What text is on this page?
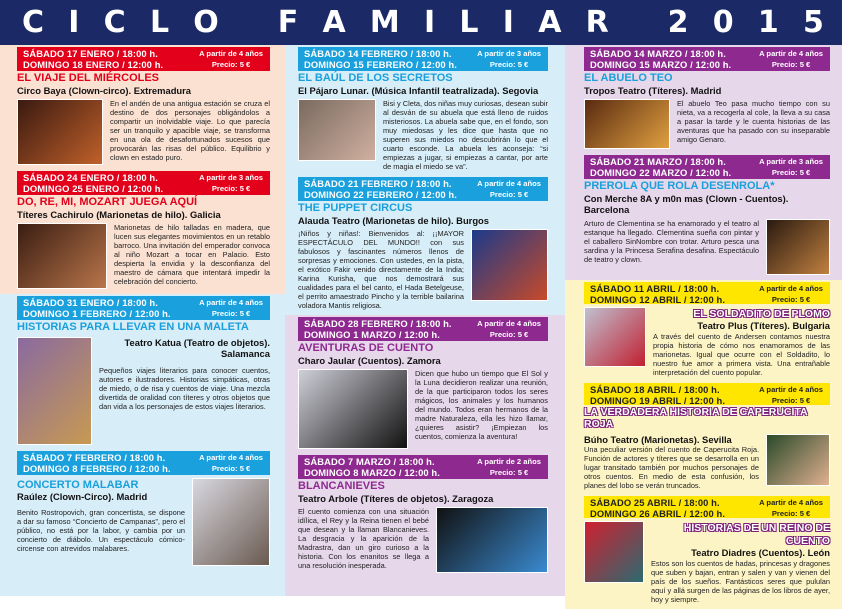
C I C L O
F A M I L I A R
2 0 1 5
SÁBADO 17 ENERO / 18:00 h.
DOMINGO 18 ENERO / 12:00 h.
A partir de 4 años
Precio: 5 €
EL VIAJE DEL MIÉRCOLES
Circo Baya (Clown-circo). Extremadura
En el andén de una antigua estación se cruza el destino de dos personajes obligándolos a compartir un inolvidable viaje. Lo que parecía ser un tranquilo y apacible viaje, se transforma en una ola de desafortunados sucesos que provocarán las risas del público. Equilibrio y clown en estado puro.
SÁBADO 24 ENERO / 18:00 h.
DOMINGO 25 ENERO / 12:00 h.
A partir de 3 años
Precio: 5 €
DO, RE, MI, MOZART JUEGA AQUÍ
Títeres Cachirulo (Marionetas de hilo). Galicia
Marionetas de hilo talladas en madera, que lucen sus elegantes movimientos en un retablo barroco. Una invitación del emperador convoca al niño Mozart a tocar en Palacio. Esto despierta la envidia y la desconfianza del maestro de cámara que intentará impedir la celebración del concierto.
SÁBADO 31 ENERO / 18:00 h.
DOMINGO 1 FEBRERO / 12:00 h.
A partir de 4 años
Precio: 5 €
HISTORIAS PARA LLEVAR EN UNA MALETA
Teatro Katua (Teatro de objetos). Salamanca
Pequeños viajes literarios para conocer cuentos, autores e ilustradores. Historias simpáticas, otras de miedo, o de risa y cuentos de viaje. Una mezcla divertida de oralidad con títeres y otros objetos que dan vida a los personajes de estos viajes literarios.
SÁBADO 7 FEBRERO / 18:00 h.
DOMINGO 8 FEBRERO / 12:00 h.
A partir de 4 años
Precio: 5 €
CONCERTO MALABAR
Raúlez (Clown-Circo). Madrid
Benito Rostropovich, gran concertista, se dispone a dar su famoso “Concierto de Campanas”, pero el público, no está por la labor, y cambia por un concierto de diábolo. Un espectáculo cómico-circense con atrevidos malabares.
SÁBADO 14 FEBRERO / 18:00 h.
DOMINGO 15 FEBRERO / 12:00 h.
A partir de 3 años
Precio: 5 €
EL BAÚL DE LOS SECRETOS
El Pájaro Lunar. (Música Infantil teatralizada). Segovia
Bisi y Cleta, dos niñas muy curiosas, desean subir al desván de su abuela que está lleno de ruidos misteriosos. La abuela sabe que, en el fondo, son muy miedosas y les dice que hasta que no superen sus miedos no descubrirán lo que el cuarto esconde. La abuela les aconseja: “si empiezas a jugar, si empiezas a cantar, por arte de magia el miedo se va”.
SÁBADO 21 FEBRERO / 18:00 h.
DOMINGO 22 FEBRERO / 12:00 h.
A partir de 4 años
Precio: 5 €
THE PUPPET CIRCUS
Alauda Teatro (Marionetas de hilo). Burgos
¡Niños y niñas!: Bienvenidos al: ¡¡MAYOR ESPECTÁCULO DEL MUNDO!! con sus fabulosos y fascinantes números llenos de sorpresas y emociones. Con ustedes, en la pista, el exótico Fakir venido directamente de la India; Karina Kurisha, que nos demostrará sus cualidades para el bel canto, el Hada Betelgeuse, el perrito amaestrado Pincho y la terrible bailarina voladora Mantis religiosa.
SÁBADO 28 FEBRERO / 18:00 h.
DOMINGO 1 MARZO / 12:00 h.
A partir de 4 años
Precio: 5 €
AVENTURAS DE CUENTO
Charo Jaular (Cuentos). Zamora
Dicen que hubo un tiempo que El Sol y la Luna decidieron realizar una reunión, de la que participaron todos los seres mágicos, los animales y los humanos del mundo. Todos eran hermanos de la madre Naturaleza, ella les hizo llamar, ¿quieres asistir? ¡Empiezan los cuentos, comienza la aventura!
SÁBADO 7 MARZO / 18:00 h.
DOMINGO 8 MARZO / 12:00 h.
A partir de 2 años
Precio: 5 €
BLANCANIEVES
Teatro Arbole (Títeres de objetos). Zaragoza
El cuento comienza con una situación idílica, el Rey y la Reina tienen el bebé que desean y la llaman Blancanieves. La desgracia y la aparición de la Madrastra, dan un giro curioso a la historia. Con los enanitos se llega a una resolución inesperada.
SÁBADO 14 MARZO / 18:00 h.
DOMINGO 15 MARZO / 12:00 h.
A partir de 4 años
Precio: 5 €
EL ABUELO TEO
Tropos Teatro (Títeres). Madrid
El abuelo Teo pasa mucho tiempo con su nieta, va a recogerla al cole, la lleva a su casa a pasar la tarde y le cuenta historias de las aventuras que ha pasado con su inseparable amigo Genaro.
SÁBADO 21 MARZO / 18:00 h.
DOMINGO 22 MARZO / 12:00 h.
A partir de 3 años
Precio: 5 €
PREROLA QUE ROLA DESENROLA*
Con Merche 8A y m0n mas (Clown - Cuentos). Barcelona
Arturo de Clementina se ha enamorado y el teatro al estanque ha llegado. Clementina sueña con pintar y el caballero SinNombre con trotar. Arturo pesca una sardina y la Princesa Serafina desafina. Espectáculo de teatro y clown.
SÁBADO 11 ABRIL / 18:00 h.
DOMINGO 12 ABRIL / 12:00 h.
A partir de 4 años
Precio: 5 €
EL SOLDADITO DE PLOMO
Teatro Plus (Títeres). Bulgaria
A través del cuento de Andersen contamos nuestra propia historia de cómo nos enamoramos de las marionetas. Igual que ocurre con el Soldadito, lo nuestro fue amor a primera vista. Una entrañable interpretación del cuento popular.
SÁBADO 18 ABRIL / 18:00 h.
DOMINGO 19 ABRIL / 12:00 h.
A partir de 4 años
Precio: 5 €
LA VERDADERA HISTORIA DE CAPERUCITA ROJA
Búho Teatro (Marionetas). Sevilla
Una peculiar versión del cuento de Caperucita Roja. Función de actores y títeres que se desarrolla en un lugar transitado también por muchos personajes de otros cuentos. En medio de esta confusión, los planes del lobo se verán truncados.
SÁBADO 25 ABRIL / 18:00 h.
DOMINGO 26 ABRIL / 12:00 h.
A partir de 4 años
Precio: 5 €
HISTORIAS DE UN REINO DE CUENTO
Teatro Diadres (Cuentos). León
Estos son los cuentos de hadas, princesas y dragones que suben y bajan, entran y salen y van y vienen del país de los sueños. Fantásticos seres que pululan aquí y allá surgen de las páginas de los libros de ayer, hoy y siempre.
